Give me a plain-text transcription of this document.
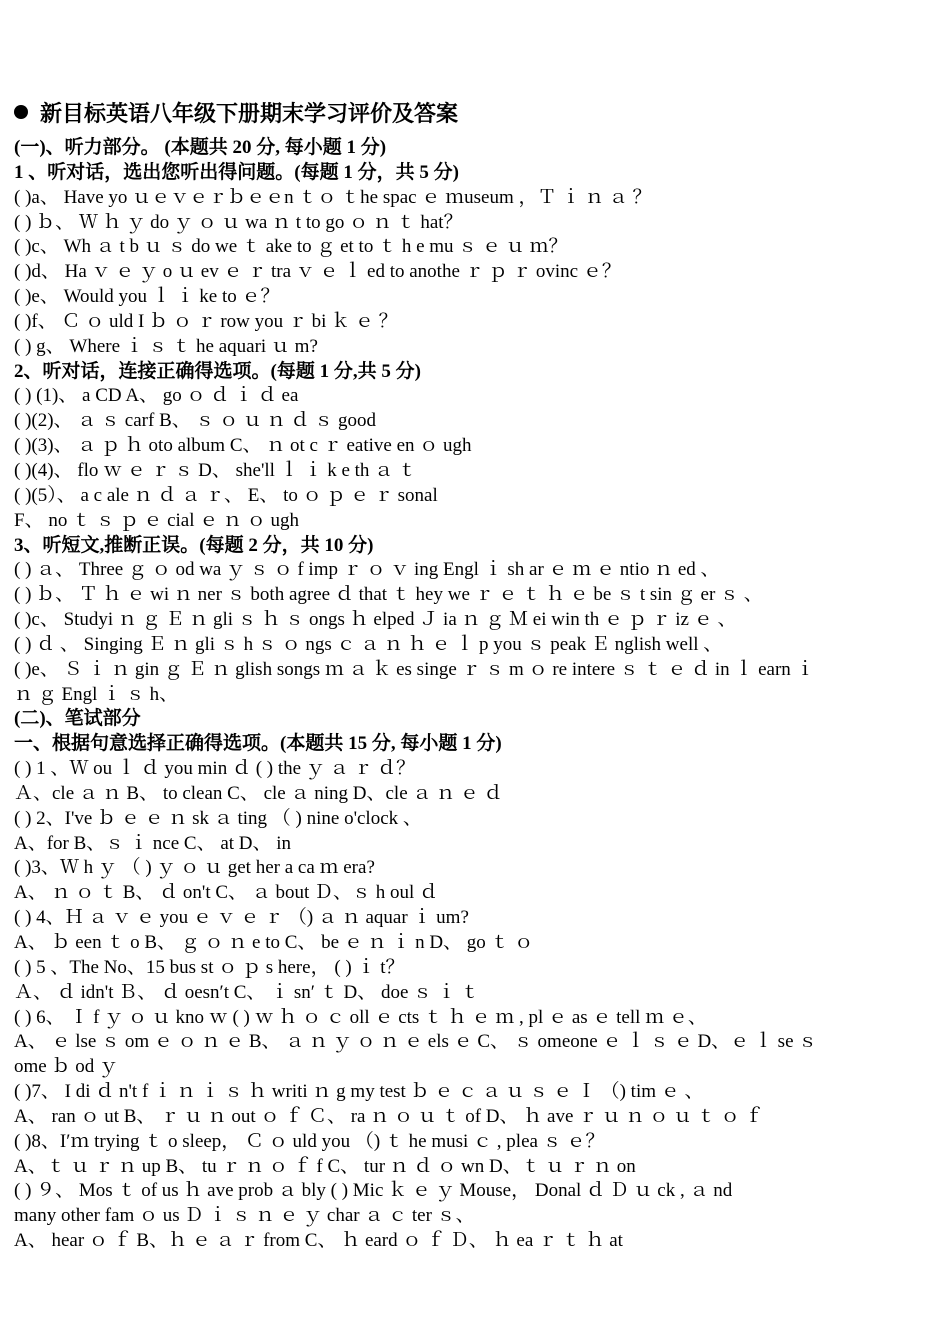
新目标英语八年级下册期末学习评价及答案
(一)、听力部分。 (本题共 20 分, 每小题 1 分)
1 、听对话，选出您听出得问题。(每题 1 分，共 5 分)
( )a、 Have yo ｕｅｖｅｒｂｅｅn ｔｏ ｔhe spac ｅ ｍuseum ，Ｔ ｉ ｎ ａ ？
( ) ｂ、 Ｗ ｈ ｙ do ｙ ｏ ｕ wa ｎ t to go ｏ ｎ ｔ hat？
( )c、 Wh ａ t b ｕ ｓ do we ｔ ake to ｇ et to ｔ h e mu ｓ ｅ ｕ ｍ？
( )d、 Ha ｖ ｅ ｙ o ｕ ev ｅ ｒ tra ｖ ｅ ｌ ed to anothe ｒ ｐ ｒ ovinc ｅ？
( )e、 Would you ｌ ｉ ke to ｅ？
( )f、 Ｃ ｏ uld I ｂ ｏ ｒ row you ｒ bi ｋ ｅ ？
( ) g、 Where ｉ ｓ ｔ he aquari ｕ m?
2、听对话，连接正确得选项。(每题 1 分,共 5 分)
( ) (1)、 a CD A、 go ｏ ｄ ｉ ｄ ea
( )(2)、 ａ ｓ carf B、 ｓ ｏ ｕ ｎ ｄ ｓ good
( )(3)、 ａ ｐ ｈ oto album C、 ｎ ot c ｒ eative en ｏ ugh
( )(4)、 flo ｗ ｅ ｒ ｓ D、 she'll ｌ ｉ k e th ａ ｔ
( )(5）、 a c ale ｎ ｄ ａ ｒ、 E、 to ｏ ｐ ｅ ｒ sonal
F、 no ｔ ｓ ｐ ｅ cial ｅ ｎ ｏ ugh
3、听短文,推断正误。(每题 2 分，共 10 分)
( ) ａ、 Three ｇ ｏ od wa ｙ ｓ ｏ f imp ｒ ｏ ｖ ing Engl ｉ sh ar ｅ ｍ ｅ ntio ｎ ed 、
( ) ｂ、 Ｔ ｈ ｅ wi ｎ ner ｓ both agree ｄ that ｔ hey we ｒ ｅ ｔ ｈ ｅ be ｓ t sin ｇ er ｓ 、
( )c、 Studyi ｎ ｇ Ｅ ｎ gli ｓ ｈ ｓ ongs ｈ elped Ｊ ia ｎ ｇ Ｍ ei win th ｅ ｐ ｒ iz ｅ 、
( ) ｄ 、 Singing Ｅ ｎ gli ｓ h ｓ ｏ ngs ｃ ａ ｎ ｈ ｅ ｌ p you ｓ peak Ｅ nglish well 、
( )e、 Ｓ ｉ ｎ gin ｇ Ｅ ｎ glish songs ｍ ａ ｋ es singe ｒ ｓ m ｏ re intere ｓ ｔ ｅ ｄ in ｌ earn ｉ
ｎ ｇ Engl ｉ ｓ h、
(二)、笔试部分
一、根据句意选择正确得选项。(本题共 15 分, 每小题 1 分)
( ) 1 、Ｗ ou ｌ ｄ you min ｄ ( ) the ｙ ａ ｒ ｄ？
Ａ、cle ａ ｎ B、 to clean C、 cle ａ ning D、cle ａ ｎ ｅ ｄ
( ) 2、I've ｂ ｅ ｅ ｎ sk ａ ting （ ) nine o'clock 、
A、for B、ｓ ｉ nce C、 at D、 in
( )3、Ｗ h ｙ （ ) ｙ ｏ ｕ get her a ca ｍ era?
A、 ｎ ｏ ｔ B、 ｄ on't C、 ａ bout Ｄ、ｓ h oul ｄ
( ) 4、Ｈ ａ ｖ ｅ you ｅ ｖ ｅ ｒ （) ａ ｎ aquar ｉ um?
A、 ｂ een ｔ o B、 ｇ ｏ ｎ e to C、 be ｅ ｎ ｉ n D、 go ｔ ｏ
( ) 5 、The No、15 bus st ｏ ｐ s here， ( ) ｉ t？
Ａ、 ｄ idn't Ｂ、 ｄ oesn′t C、 ｉ sn′ ｔ D、 doe ｓ ｉ ｔ
( ) 6、 Ｉ f ｙ ｏ ｕ kno ｗ ( ) ｗ ｈ ｏ ｃ oll ｅ cts ｔ ｈ ｅ ｍ , pl ｅ as ｅ tell ｍ ｅ、
A、 ｅ lse ｓ om ｅ ｏ ｎ ｅ B、 ａ ｎ ｙ ｏ ｎ ｅ els ｅ C、 ｓ omeone ｅ ｌ ｓ ｅ D、ｅ ｌ se ｓ
ome ｂ od ｙ
( )7、 I di ｄ n't f ｉ ｎ ｉ ｓ ｈ writi ｎ g my test ｂ ｅ ｃ ａ ｕ ｓ ｅ Ｉ （) tim ｅ 、
A、 ran ｏ ut B、 ｒ ｕ ｎ out ｏ ｆ Ｃ、 ra ｎ ｏ ｕ ｔ of D、 ｈ ave ｒ ｕ ｎ ｏ ｕ ｔ ｏ ｆ
( )8、I′ｍ trying ｔ o sleep， Ｃ ｏ uld you （) ｔ he musi ｃ , plea ｓ ｅ？
A、ｔ ｕ ｒ ｎ up B、 tu ｒ ｎ ｏ ｆ f C、 tur ｎ ｄ ｏ wn D、ｔ ｕ ｒ ｎ on
( ) ９、 Mos ｔ of us ｈ ave prob ａ bly ( ) Mic ｋ ｅ ｙ Mouse， Donal ｄ Ｄ ｕ ck , ａ nd
many other fam ｏ us Ｄ ｉ ｓ ｎ ｅ ｙ char ａ ｃ ter ｓ、
A、 hear ｏ ｆ B、ｈ ｅ ａ ｒ from C、 ｈ eard ｏ ｆ Ｄ、 ｈ ea ｒ ｔ ｈ at
